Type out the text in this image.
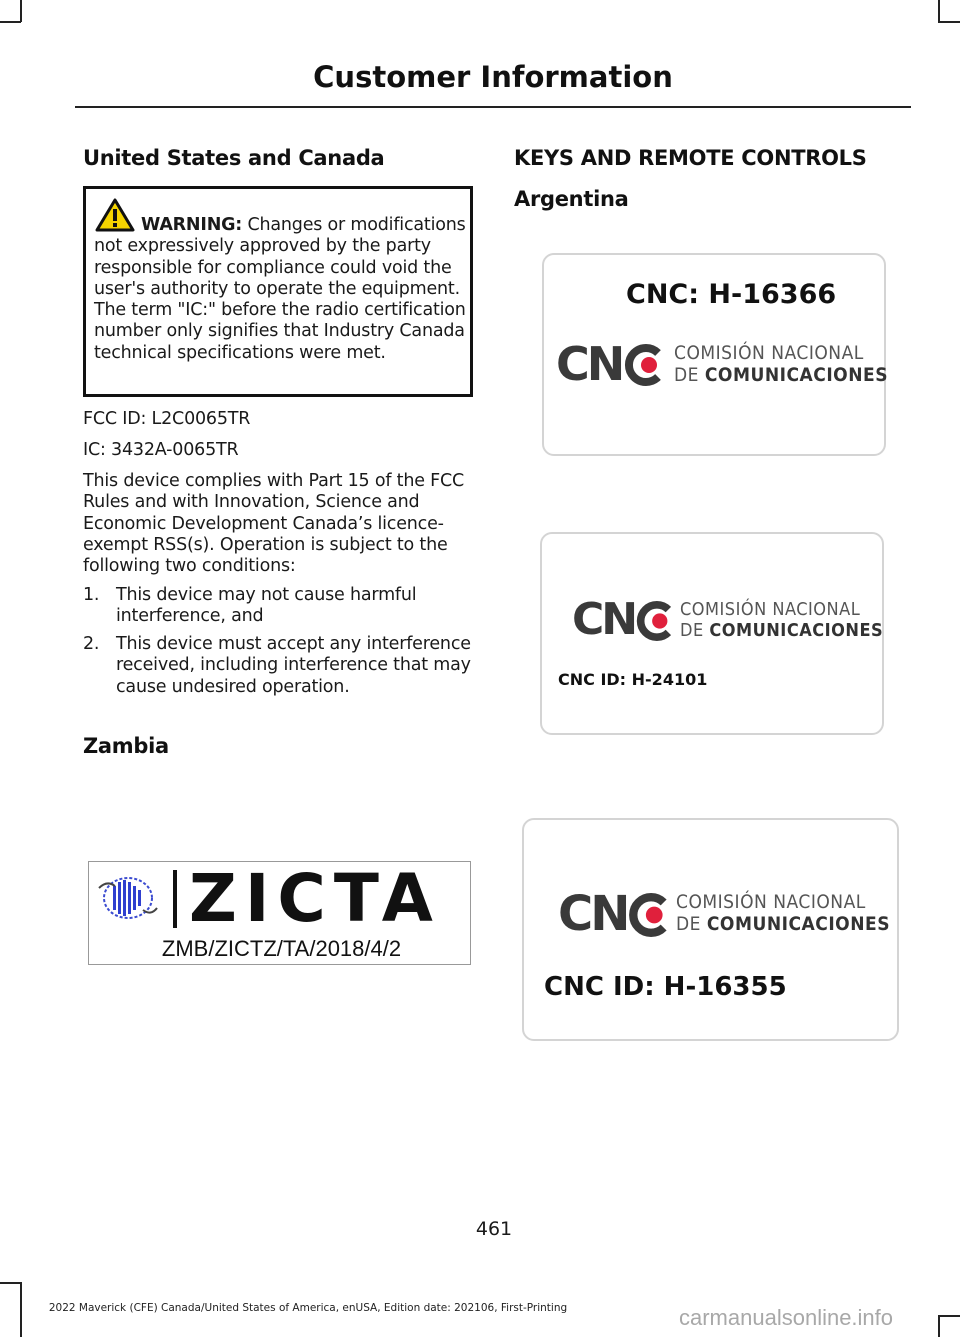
Customer Information
United States and Canada

WARNING: Changes or modifications not expressively approved by the party responsible for compliance could void the user's authority to operate the equipment. The term "IC:" before the radio certification number only signifies that Industry Canada technical specifications were met.

FCC ID: L2C0065TR

IC: 3432A-0065TR

This device complies with Part 15 of the FCC Rules and with Innovation, Science and Economic Development Canada’s licence-exempt RSS(s). Operation is subject to the following two conditions:

1. This device may not cause harmful interference, and
2. This device must accept any interference received, including interference that may cause undesired operation.
Zambia
ZICTA
ZMB/ZICTZ/TA/2018/4/2
KEYS AND REMOTE CONTROLS
Argentina
CNC: H-16366
CN	COMISIÓN NACIONAL
DE COMUNICACIONES
CN COMISIÓN NACIONAL
DE COMUNICACIONES
CNC ID: H-24101
CN	COMISIÓN NACIONAL
DE COMUNICACIONES
CNC ID: H-16355
461
2022 Maverick (CFE) Canada/United States of America, enUSA, Edition date: 202106, First-Printing	carmanualsonline.info
